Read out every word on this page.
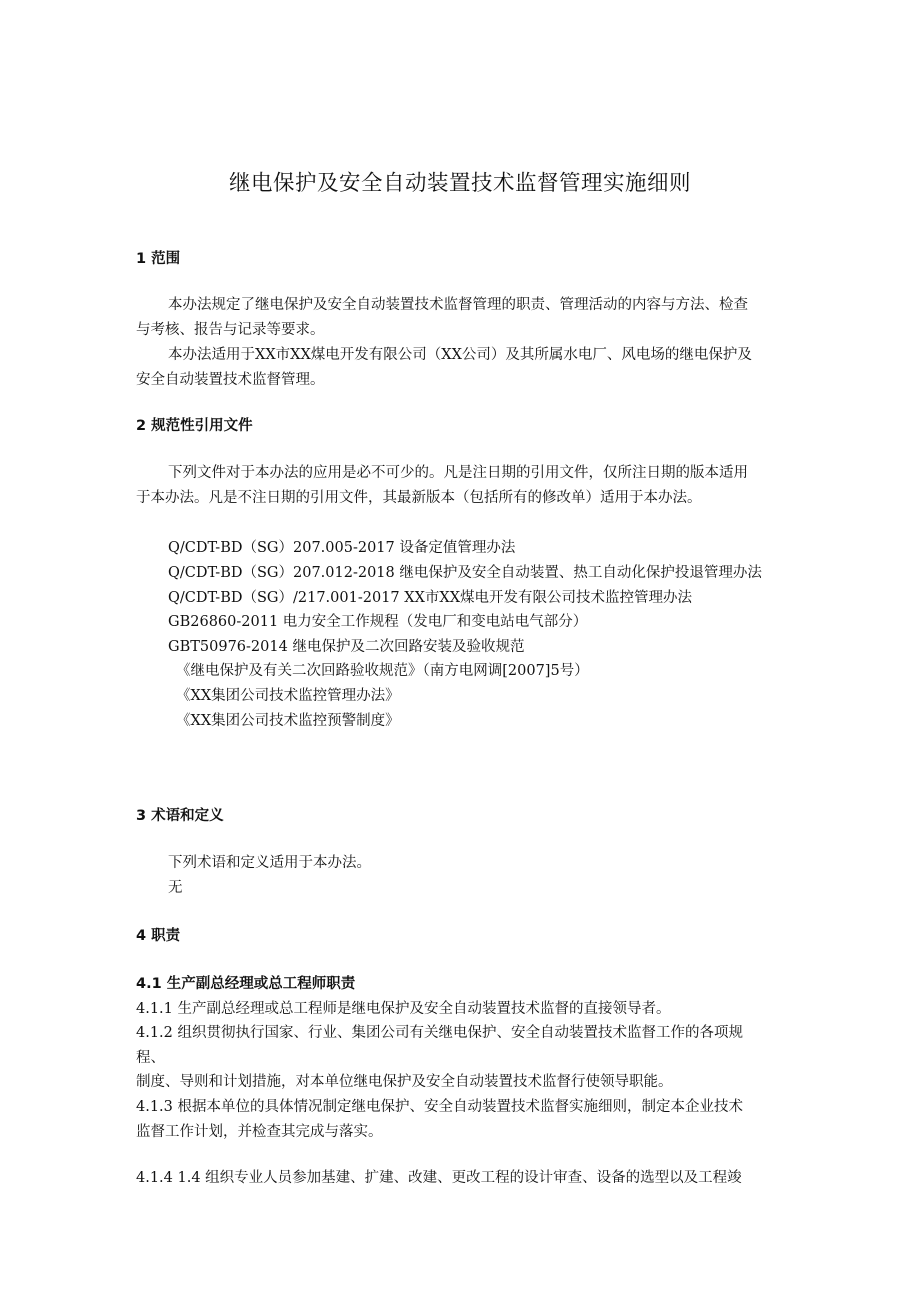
继电保护及安全自动装置技术监督管理实施细则
1 范围
本办法规定了继电保护及安全自动装置技术监督管理的职责、管理活动的内容与方法、检查
与考核、报告与记录等要求。
本办法适用于XX市XX煤电开发有限公司（XX公司）及其所属水电厂、风电场的继电保护及
安全自动装置技术监督管理。
2 规范性引用文件
下列文件对于本办法的应用是必不可少的。凡是注日期的引用文件，仅所注日期的版本适用
于本办法。凡是不注日期的引用文件，其最新版本（包括所有的修改单）适用于本办法。
Q/CDT-BD（SG）207.005-2017 设备定值管理办法
Q/CDT-BD（SG）207.012-2018 继电保护及安全自动装置、热工自动化保护投退管理办法
Q/CDT-BD（SG）/217.001-2017 XX市XX煤电开发有限公司技术监控管理办法
GB26860-2011 电力安全工作规程（发电厂和变电站电气部分）
GBT50976-2014 继电保护及二次回路安装及验收规范
《继电保护及有关二次回路验收规范》（南方电网调[2007]5号）
《XX集团公司技术监控管理办法》
《XX集团公司技术监控预警制度》
3 术语和定义
下列术语和定义适用于本办法。
无
4 职责
4.1 生产副总经理或总工程师职责
4.1.1 生产副总经理或总工程师是继电保护及安全自动装置技术监督的直接领导者。
4.1.2 组织贯彻执行国家、行业、集团公司有关继电保护、安全自动装置技术监督工作的各项规
程、
制度、导则和计划措施，对本单位继电保护及安全自动装置技术监督行使领导职能。
4.1.3 根据本单位的具体情况制定继电保护、安全自动装置技术监督实施细则，制定本企业技术
监督工作计划，并检查其完成与落实。
4.1.4 1.4 组织专业人员参加基建、扩建、改建、更改工程的设计审查、设备的选型以及工程竣
